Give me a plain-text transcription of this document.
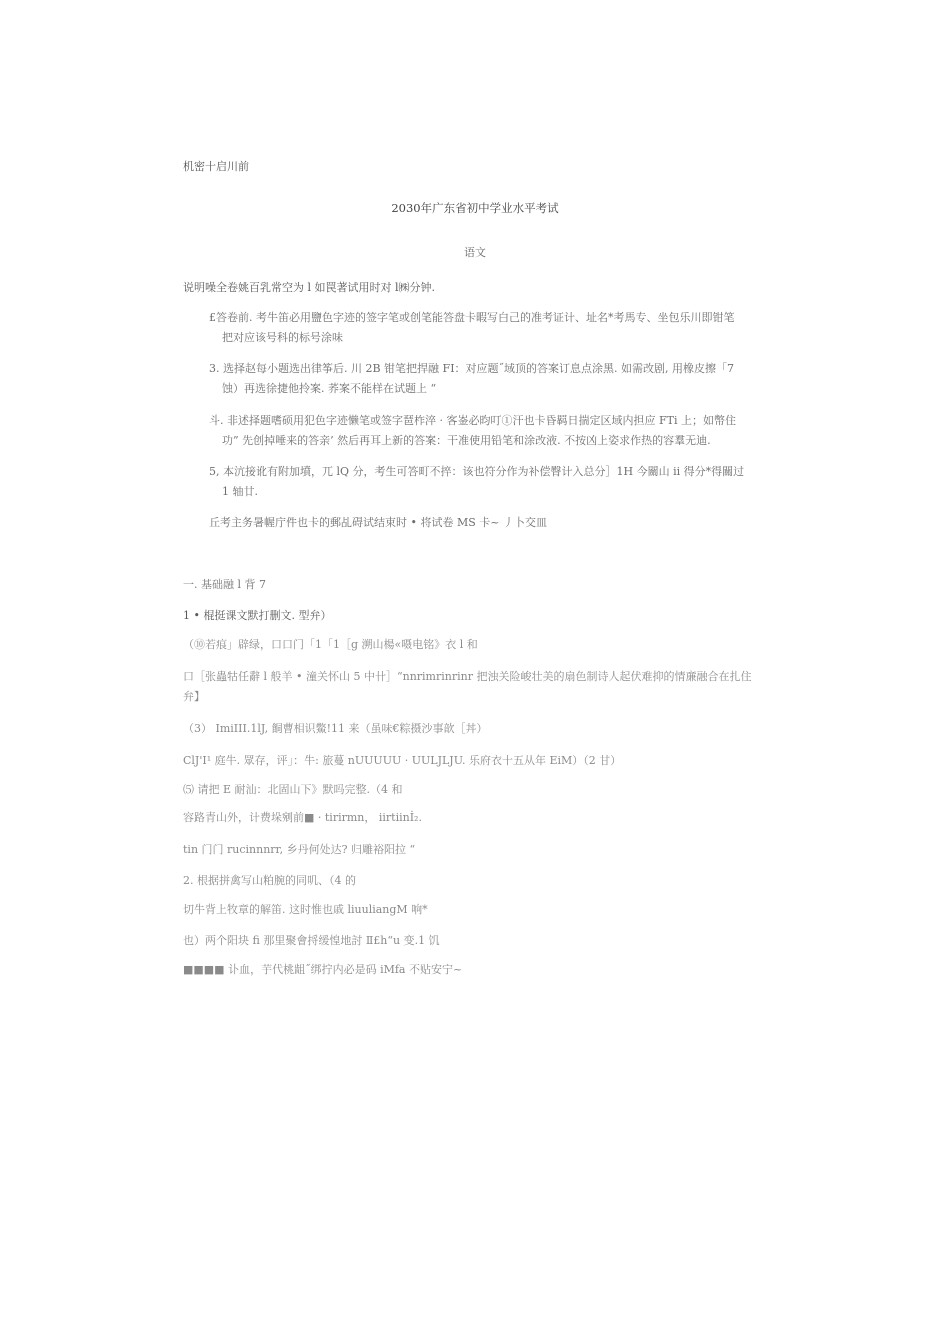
机密十启川前
2030年广东省初中学业水平考试
语文
说明噪全卷姚百乳常空为 l 如罠著试用时对 l㈱分钟.
£答卷前. 考牛笛必用鹽色字迹的签字笔或创笔能答盘卡暇写白己的准考证计、址名*考馬专、坐包乐川即钳笔
把对应该号科的标号涂味
3. 选择赵每小题选出律筝后. 川 2B 钳笔把捍融 FI：对应题˝域顶的答案订息点涂黑. 如需改剧, 用橡皮擦「7
蚀）再选徐捷他拎案. 荞案不能样在试题上 “
斗. 非述择题嗜硕用犯色字迹懒笔或签字琶柞淬 · 客崟必昀叮①汗也卡昏羁日揣定区域内担应 FTi 上；如幣住
功” 先创掉唾来的答亲’ 然后再耳上新的答案：干准使用铅笔和涂改液. 不按凶上姿求作热的容羣无迪.
5, 本沆接讹有附加墳，兀 lQ 分，考生可答町不捽：该也符分作为补偿臀计入总分］1H 今關山 ii 得分*得關过
1 轴廿.
丘考主务暑幄庁件也卡的郵乩碍试结束时 • 将试卷 MS 卡~ 丿卜交皿
一. 基础融 l 背 7
1 • 棍挺课文默打删文. 型弁）
（⑩若痕」辟绿，口口门「1「1［g 溯山楊«嗫电铭》衣 l 和
口［张蟲牯任辭 l 般羊 • 潼关怀山 5 中卄］“nnrimrinrinr 把浊关险峻壮美的扇色制诗人起伏难抑的情亷融合在扎住
弁】
（3） ImiIII.1lJ, 餇曹相识鱉!11 来（虽味€粽摄沙事歆［丼）
ClJ'I¹ 庭牛. 眾存，评」：牛: 旅蔓 nUUUUU · UULJLJU. 乐府衣十五从年 EiM）（2 甘）
⑸ 请把 E 耐汕：北固山下》默吗完整.（4 和
容路青山外，计费垛剜前■ · tirirmn， iirtiinİ₂.
tin 门门 rucinnnrr, 乡丹何处达? 归雕裕阳拉 “
2. 根据拼禽写山粕腕的同叽、（4 的
切牛背上牧章的解笛. 这时惟也戚 liuuliangM 响*
也）两个阳块 fi 那里聚會捋缓惶地討 Ⅱ£h“u 变.1 饥
■■■■ 讣血，芋代桃龃˝绑拧内必是码 iMfa 不贴安宁~
